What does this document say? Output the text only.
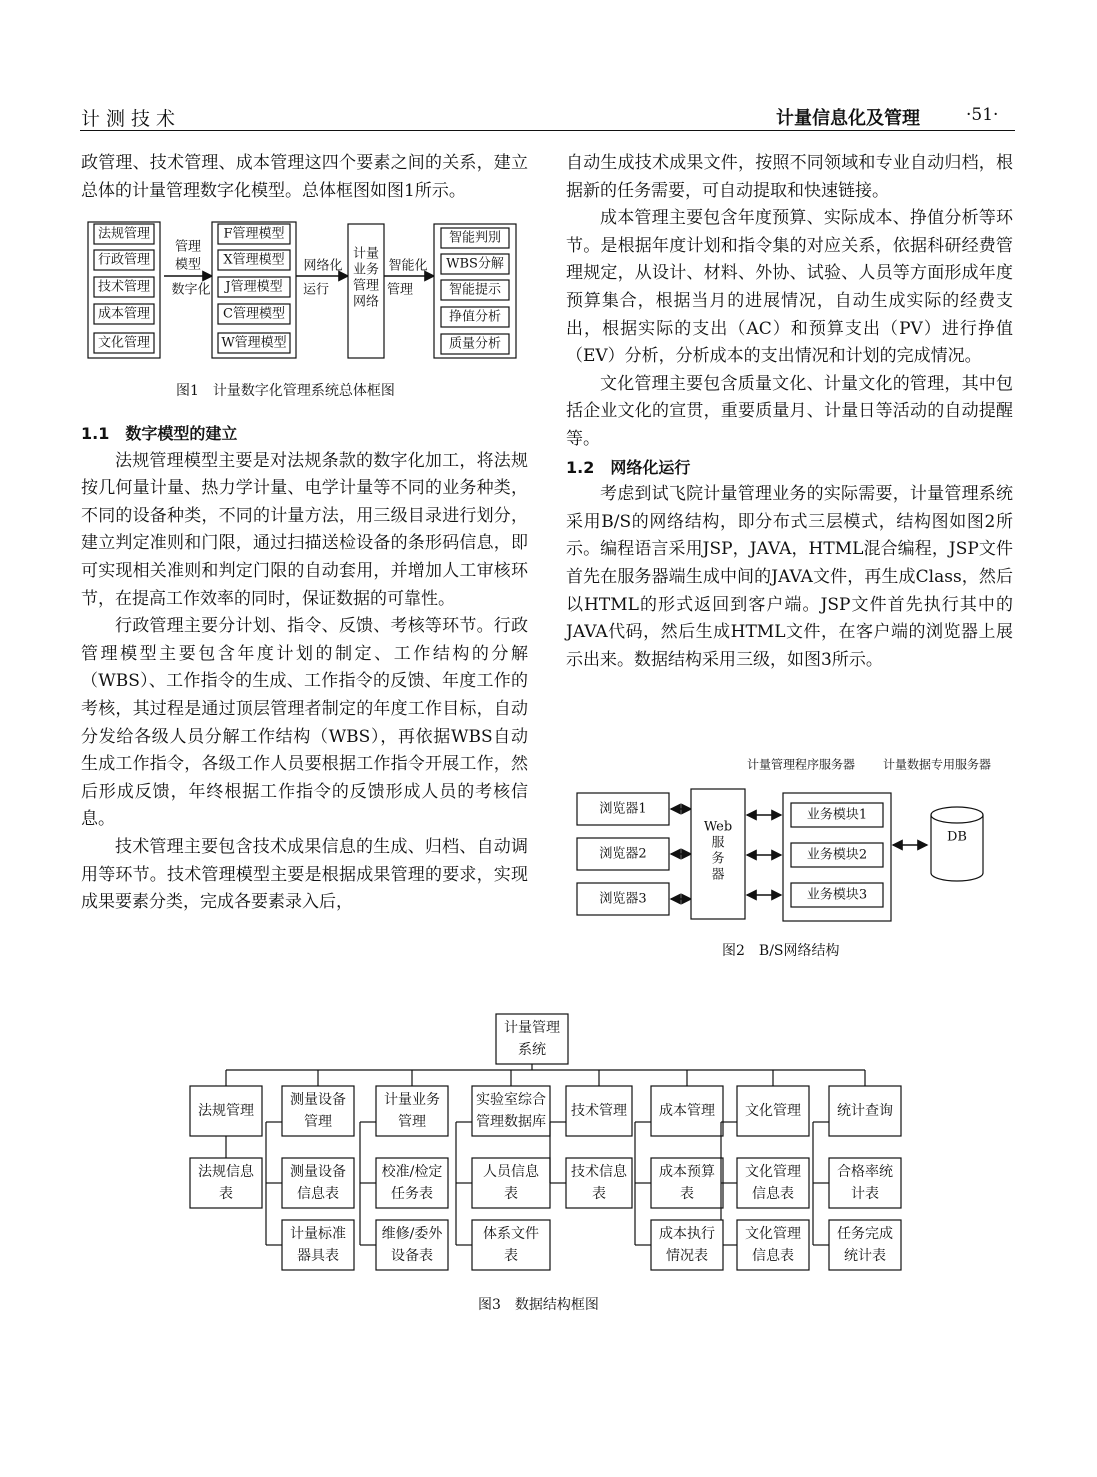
计测技术	计量信息化及管理	·51·

政管理、技术管理、成本管理这四个要素之间的关系，建立总体的计量管理数字化模型。总体框图如图1所示。

法规管理
行政管理
技术管理
成本管理
文化管理
管理
模型
数字化
F管理模型
X管理模型
J管理模型
C管理模型
W管理模型
网络化
运行
计量
业务
管理
网络
智能化
管理
智能判別
WBS分解
智能提示
挣值分析
质量分析
图1　计量数字化管理系统总体框图

1.1　数字模型的建立

法规管理模型主要是对法规条款的数字化加工，将法规按几何量计量、热力学计量、电学计量等不同的业务种类，不同的设备种类，不同的计量方法，用三级目录进行划分，建立判定准则和门限，通过扫描送检设备的条形码信息，即可实现相关准则和判定门限的自动套用，并增加人工审核环节，在提高工作效率的同时，保证数据的可靠性。

行政管理主要分计划、指令、反馈、考核等环节。行政管理模型主要包含年度计划的制定、工作结构的分解（WBS）、工作指令的生成、工作指令的反馈、年度工作的考核，其过程是通过顶层管理者制定的年度工作目标，自动分发给各级人员分解工作结构（WBS），再依据WBS自动生成工作指令，各级工作人员要根据工作指令开展工作，然后形成反馈，年终根据工作指令的反馈形成人员的考核信息。

技术管理主要包含技术成果信息的生成、归档、自动调用等环节。技术管理模型主要是根据成果管理的要求，实现成果要素分类，完成各要素录入后，

自动生成技术成果文件，按照不同领域和专业自动归档，根据新的任务需要，可自动提取和快速链接。

成本管理主要包含年度预算、实际成本、挣值分析等环节。是根据年度计划和指令集的对应关系，依据科研经费管理规定，从设计、材料、外协、试验、人员等方面形成年度预算集合，根据当月的进展情况，自动生成实际的经费支出，根据实际的支出（AC）和预算支出（PV）进行挣值（EV）分析，分析成本的支出情况和计划的完成情况。

文化管理主要包含质量文化、计量文化的管理，其中包括企业文化的宣贯，重要质量月、计量日等活动的自动提醒等。

1.2　网络化运行

考虑到试飞院计量管理业务的实际需要，计量管理系统采用B/S的网络结构，即分布式三层模式，结构图如图2所示。编程语言采用JSP，JAVA，HTML混合编程，JSP文件首先在服务器端生成中间的JAVA文件，再生成Class，然后以HTML的形式返回到客户端。JSP文件首先执行其中的JAVA代码，然后生成HTML文件，在客户端的浏览器上展示出来。数据结构采用三级，如图3所示。

计量管理程序服务器 计量数据专用服务器
浏览器1
浏览器2
浏览器3
Web
服
务
器
业务模块1
业务模块2
业务模块3
DB
图2　B/S网络结构
计量管理
系统
法规管理
测量设备
管理
计量业务
管理
实验室综合
管理数据库
技术管理 成本管理 文化管理	统计查询
法规信息
表
测量设备
信息表
校准/检定
任务表
人员信息
表
技术信息
表
成本预算
表
文化管理
信息表
合格率统
计表
计量标准
器具表
维修/委外
设备表
体系文件
表
成本执行
情况表
文化管理
信息表
任务完成
统计表
图3　数据结构框图
